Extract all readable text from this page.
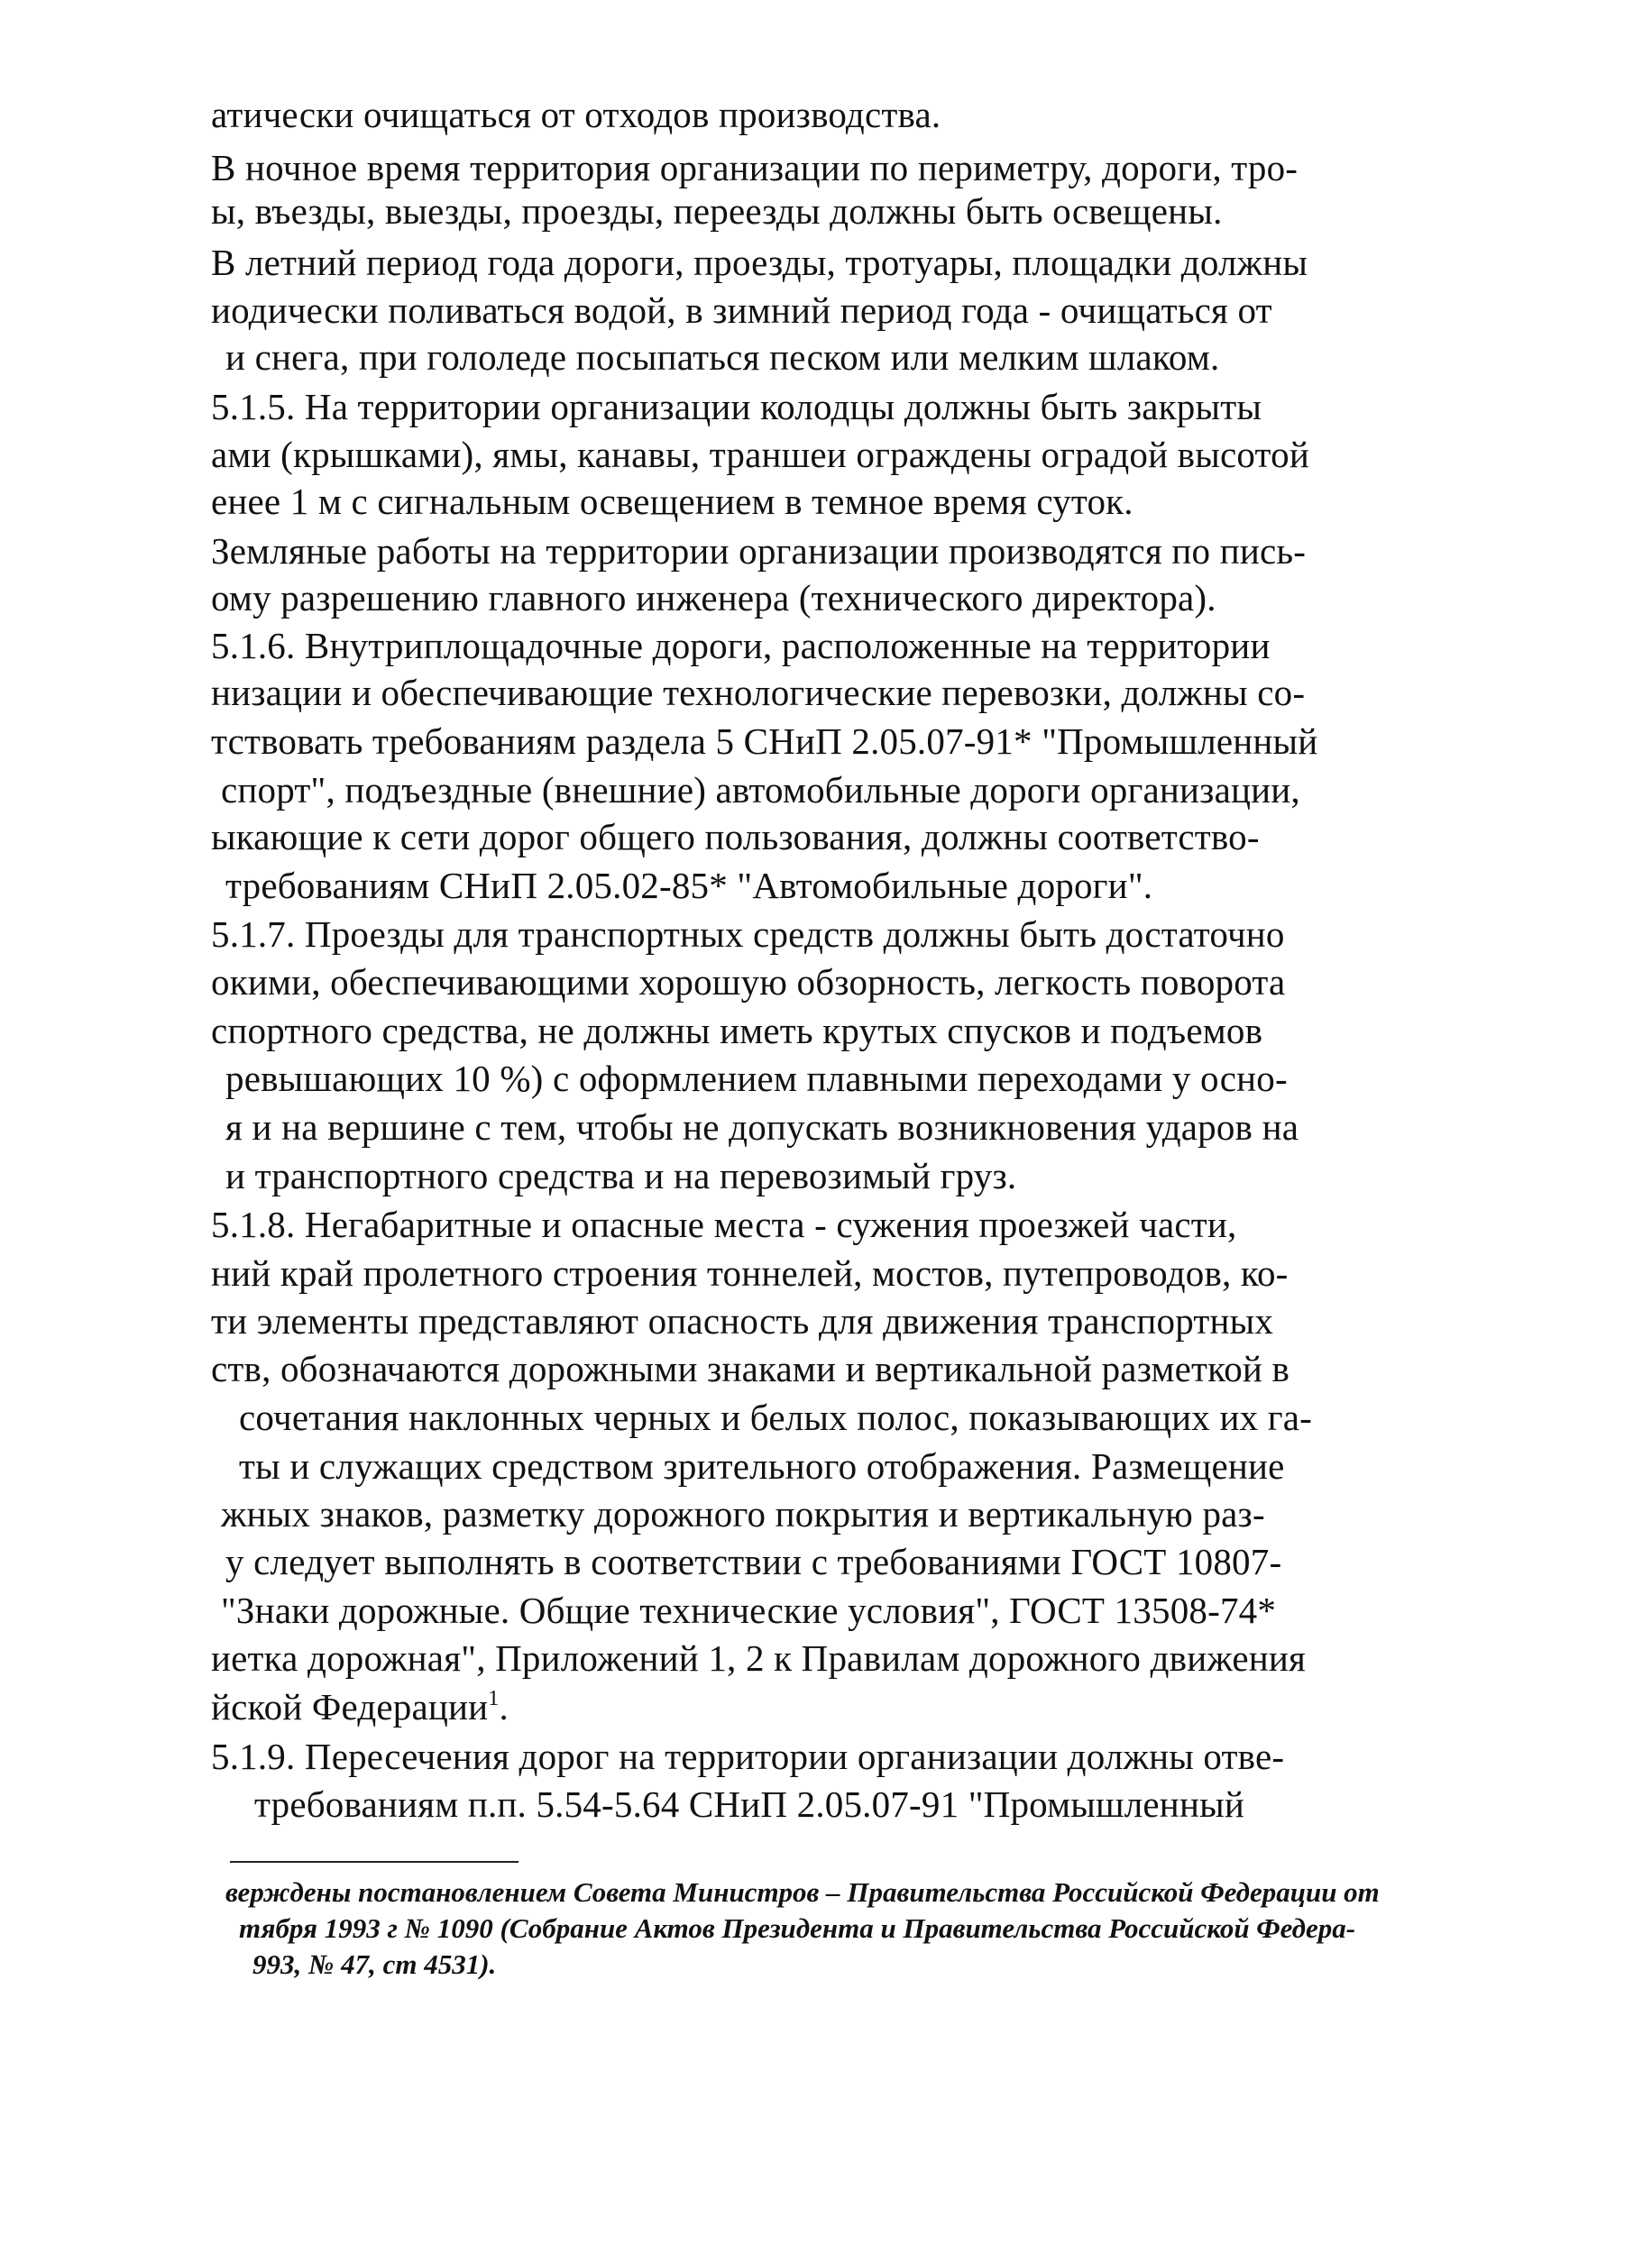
атически очищаться от отходов производства.
В ночное время территория организации по периметру, дороги, тро-
ы, въезды, выезды, проезды, переезды должны быть освещены.
В летний период года дороги, проезды, тротуары, площадки должны
иодически поливаться водой, в зимний период года - очищаться от
и снега, при гололеде посыпаться песком или мелким шлаком.
5.1.5. На территории организации колодцы должны быть закрыты
ами (крышками), ямы, канавы, траншеи ограждены оградой высотой
енее 1 м с сигнальным освещением в темное время суток.
Земляные работы на территории организации производятся по пись-
ому разрешению главного инженера (технического директора).
5.1.6. Внутриплощадочные дороги, расположенные на территории
низации и обеспечивающие технологические перевозки, должны со-
тствовать требованиям раздела 5 СНиП 2.05.07-91* "Промышленный
спорт", подъездные (внешние) автомобильные дороги организации,
ыкающие к сети дорог общего пользования, должны соответство-
требованиям СНиП 2.05.02-85* "Автомобильные дороги".
5.1.7. Проезды для транспортных средств должны быть достаточно
окими, обеспечивающими хорошую обзорность, легкость поворота
спортного средства, не должны иметь крутых спусков и подъемов
ревышающих 10 %) с оформлением плавными переходами у осно-
я и на вершине с тем, чтобы не допускать возникновения ударов на
и транспортного средства и на перевозимый груз.
5.1.8. Негабаритные и опасные места - сужения проезжей части,
ний край пролетного строения тоннелей, мостов, путепроводов, ко-
ти элементы представляют опасность для движения транспортных
ств, обозначаются дорожными знаками и вертикальной разметкой в
сочетания наклонных черных и белых полос, показывающих их га-
ты и служащих средством зрительного отображения. Размещение
жных знаков, разметку дорожного покрытия и вертикальную раз-
у следует выполнять в соответствии с требованиями ГОСТ 10807-
"Знаки дорожные. Общие технические условия", ГОСТ 13508-74*
иетка дорожная", Приложений 1, 2 к Правилам дорожного движения
йской Федерации$^1$.
5.1.9. Пересечения дорог на территории организации должны отве-
требованиям п.п. 5.54-5.64 СНиП 2.05.07-91 "Промышленный
верждены постановлением Совета Министров – Правительства Российской Федерации от
тября 1993 г № 1090 (Собрание Актов Президента и Правительства Российской Федера-
993, № 47, ст 4531).
